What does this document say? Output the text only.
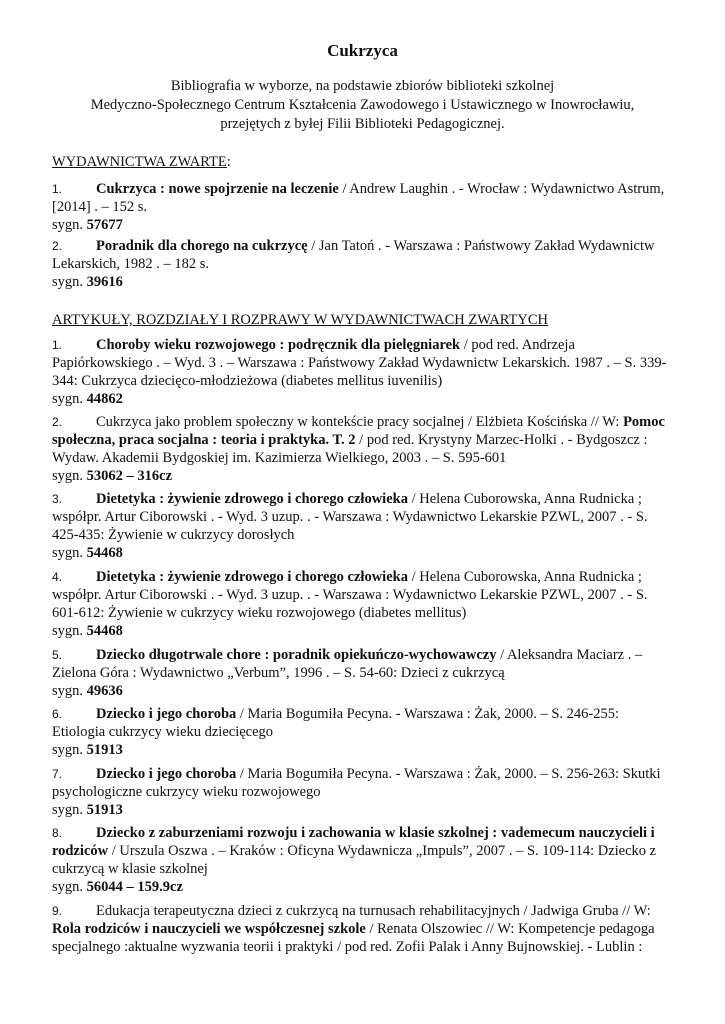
Cukrzyca
Bibliografia w wyborze, na podstawie zbiorów biblioteki szkolnej
Medyczno-Społecznego Centrum Kształcenia Zawodowego i Ustawicznego w Inowrocławiu,
przejętych z byłej Filii Biblioteki Pedagogicznej.
WYDAWNICTWA ZWARTE:
1. Cukrzyca : nowe spojrzenie na leczenie / Andrew Laughin . - Wrocław : Wydawnictwo Astrum,
[2014] . – 152 s.
sygn. 57677
2. Poradnik dla chorego na cukrzycę / Jan Tatoń . - Warszawa : Państwowy Zakład Wydawnictw
Lekarskich, 1982 . – 182 s.
sygn. 39616
ARTYKUŁY, ROZDZIAŁY I ROZPRAWY W WYDAWNICTWACH ZWARTYCH
1. Choroby wieku rozwojowego : podręcznik dla pielęgniarek / pod red. Andrzeja
Papiórkowskiego . – Wyd. 3 . – Warszawa : Państwowy Zakład Wydawnictw Lekarskich. 1987 . – S. 339-
344: Cukrzyca dziecięco-młodzieżowa (diabetes mellitus iuvenilis)
sygn. 44862
2. Cukrzyca jako problem społeczny w kontekście pracy socjalnej / Elżbieta Kościńska // W: Pomoc
społeczna, praca socjalna : teoria i praktyka. T. 2 / pod red. Krystyny Marzec-Holki . - Bydgoszcz :
Wydaw. Akademii Bydgoskiej im. Kazimierza Wielkiego, 2003 . – S. 595-601
sygn. 53062 – 316cz
3. Dietetyka : żywienie zdrowego i chorego człowieka / Helena Cuborowska, Anna Rudnicka ;
współpr. Artur Ciborowski . - Wyd. 3 uzup. . - Warszawa : Wydawnictwo Lekarskie PZWL, 2007 . - S.
425-435: Żywienie w cukrzycy dorosłych
sygn. 54468
4. Dietetyka : żywienie zdrowego i chorego człowieka / Helena Cuborowska, Anna Rudnicka ;
współpr. Artur Ciborowski . - Wyd. 3 uzup. . - Warszawa : Wydawnictwo Lekarskie PZWL, 2007 . - S.
601-612: Żywienie w cukrzycy wieku rozwojowego (diabetes mellitus)
sygn. 54468
5. Dziecko długotrwale chore : poradnik opiekuńczo-wychowawczy / Aleksandra Maciarz . –
Zielona Góra : Wydawnictwo „Verbum”, 1996 . – S. 54-60: Dzieci z cukrzycą
sygn. 49636
6. Dziecko i jego choroba / Maria Bogumiła Pecyna. - Warszawa : Żak, 2000. – S. 246-255:
Etiologia cukrzycy wieku dziecięcego
sygn. 51913
7. Dziecko i jego choroba / Maria Bogumiła Pecyna. - Warszawa : Żak, 2000. – S. 256-263: Skutki
psychologiczne cukrzycy wieku rozwojowego
sygn. 51913
8. Dziecko z zaburzeniami rozwoju i zachowania w klasie szkolnej : vademecum nauczycieli i
rodziców / Urszula Oszwa . – Kraków : Oficyna Wydawnicza „Impuls”, 2007 . – S. 109-114: Dziecko z
cukrzycą w klasie szkolnej
sygn. 56044 – 159.9cz
9. Edukacja terapeutyczna dzieci z cukrzycą na turnusach rehabilitacyjnych / Jadwiga Gruba // W:
Rola rodziców i nauczycieli we współczesnej szkole / Renata Olszowiec // W: Kompetencje pedagoga
specjalnego :aktualne wyzwania teorii i praktyki / pod red. Zofii Palak i Anny Bujnowskiej. - Lublin :
